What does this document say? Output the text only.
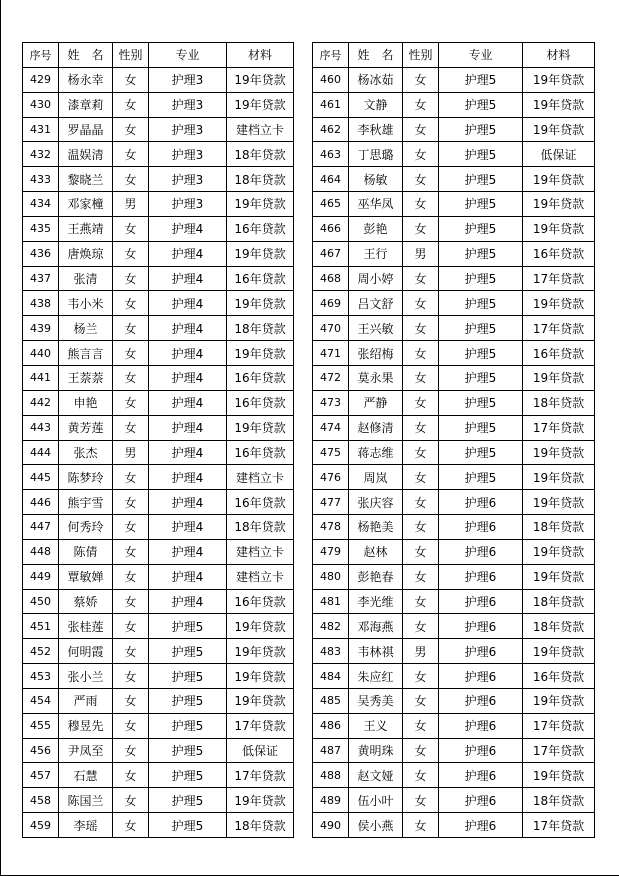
序号	姓　名	性别	专业	材料
429	杨永幸	女	护理3	19年贷款
430	漆章莉	女	护理3	19年贷款
431	罗晶晶	女	护理3	建档立卡
432	温娱清	女	护理3	18年贷款
433	黎晓兰	女	护理3	18年贷款
434	邓家橦	男	护理3	19年贷款
435	王燕靖	女	护理4	16年贷款
436	唐焕琼	女	护理4	19年贷款
437	张清	女	护理4	16年贷款
438	韦小米	女	护理4	19年贷款
439	杨兰	女	护理4	18年贷款
440	熊言言	女	护理4	19年贷款
441	王萘萘	女	护理4	16年贷款
442	申艳	女	护理4	16年贷款
443	黄芳莲	女	护理4	19年贷款
444	张杰	男	护理4	16年贷款
445	陈梦玲	女	护理4	建档立卡
446	熊宇雪	女	护理4	16年贷款
447	何秀玲	女	护理4	18年贷款
448	陈倩	女	护理4	建档立卡
449	覃敏婵	女	护理4	建档立卡
450	蔡娇	女	护理4	16年贷款
451	张桂莲	女	护理5	19年贷款
452	何明霞	女	护理5	19年贷款
453	张小兰	女	护理5	19年贷款
454	严雨	女	护理5	19年贷款
455	穆昱先	女	护理5	17年贷款
456	尹凤至	女	护理5	低保证
457	石慧	女	护理5	17年贷款
458	陈国兰	女	护理5	19年贷款
459	李瑶	女	护理5	18年贷款
序号	姓　名	性别	专业	材料
460	杨冰茹	女	护理5	19年贷款
461	文静	女	护理5	19年贷款
462	李秋雄	女	护理5	19年贷款
463	丁思璐	女	护理5	低保证
464	杨敏	女	护理5	19年贷款
465	巫华凤	女	护理5	19年贷款
466	彭艳	女	护理5	19年贷款
467	王行	男	护理5	16年贷款
468	周小婷	女	护理5	17年贷款
469	吕文舒	女	护理5	19年贷款
470	王兴敏	女	护理5	17年贷款
471	张绍梅	女	护理5	16年贷款
472	莫永果	女	护理5	19年贷款
473	严静	女	护理5	18年贷款
474	赵修清	女	护理5	17年贷款
475	蒋志维	女	护理5	19年贷款
476	周岚	女	护理5	19年贷款
477	张庆容	女	护理6	19年贷款
478	杨艳美	女	护理6	18年贷款
479	赵林	女	护理6	19年贷款
480	彭艳春	女	护理6	19年贷款
481	李光维	女	护理6	18年贷款
482	邓海燕	女	护理6	18年贷款
483	韦林祺	男	护理6	19年贷款
484	朱应红	女	护理6	16年贷款
485	吴秀美	女	护理6	19年贷款
486	王义	女	护理6	17年贷款
487	黄明珠	女	护理6	17年贷款
488	赵文娅	女	护理6	19年贷款
489	伍小叶	女	护理6	18年贷款
490	侯小燕	女	护理6	17年贷款
